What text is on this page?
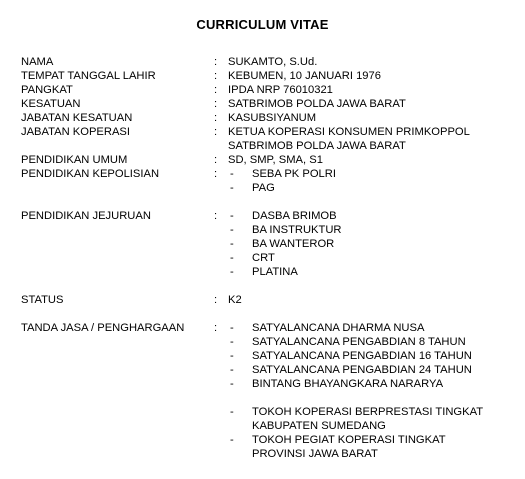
CURRICULUM VITAE
NAMA	: SUKAMTO, S.Ud.
TEMPAT TANGGAL LAHIR	: KEBUMEN, 10 JANUARI 1976
PANGKAT	: IPDA NRP 76010321
KESATUAN	: SATBRIMOB POLDA JAWA BARAT
JABATAN KESATUAN	: KASUBSIYANUM
JABATAN KOPERASI	: KETUA KOPERASI KONSUMEN PRIMKOPPOL
SATBRIMOB POLDA JAWA BARAT
PENDIDIKAN UMUM	: SD, SMP, SMA, S1
PENDIDIKAN KEPOLISIAN	: - SEBA PK POLRI
- PAG
PENDIDIKAN JEJURUAN	: - DASBA BRIMOB
- BA INSTRUKTUR
- BA WANTEROR
- CRT
- PLATINA
STATUS	: K2
TANDA JASA / PENGHARGAAN	: - SATYALANCANA DHARMA NUSA
- SATYALANCANA PENGABDIAN 8 TAHUN
- SATYALANCANA PENGABDIAN 16 TAHUN
- SATYALANCANA PENGABDIAN 24 TAHUN
- BINTANG BHAYANGKARA NARARYA
- TOKOH KOPERASI BERPRESTASI TINGKAT
KABUPATEN SUMEDANG
- TOKOH PEGIAT KOPERASI TINGKAT
PROVINSI JAWA BARAT
